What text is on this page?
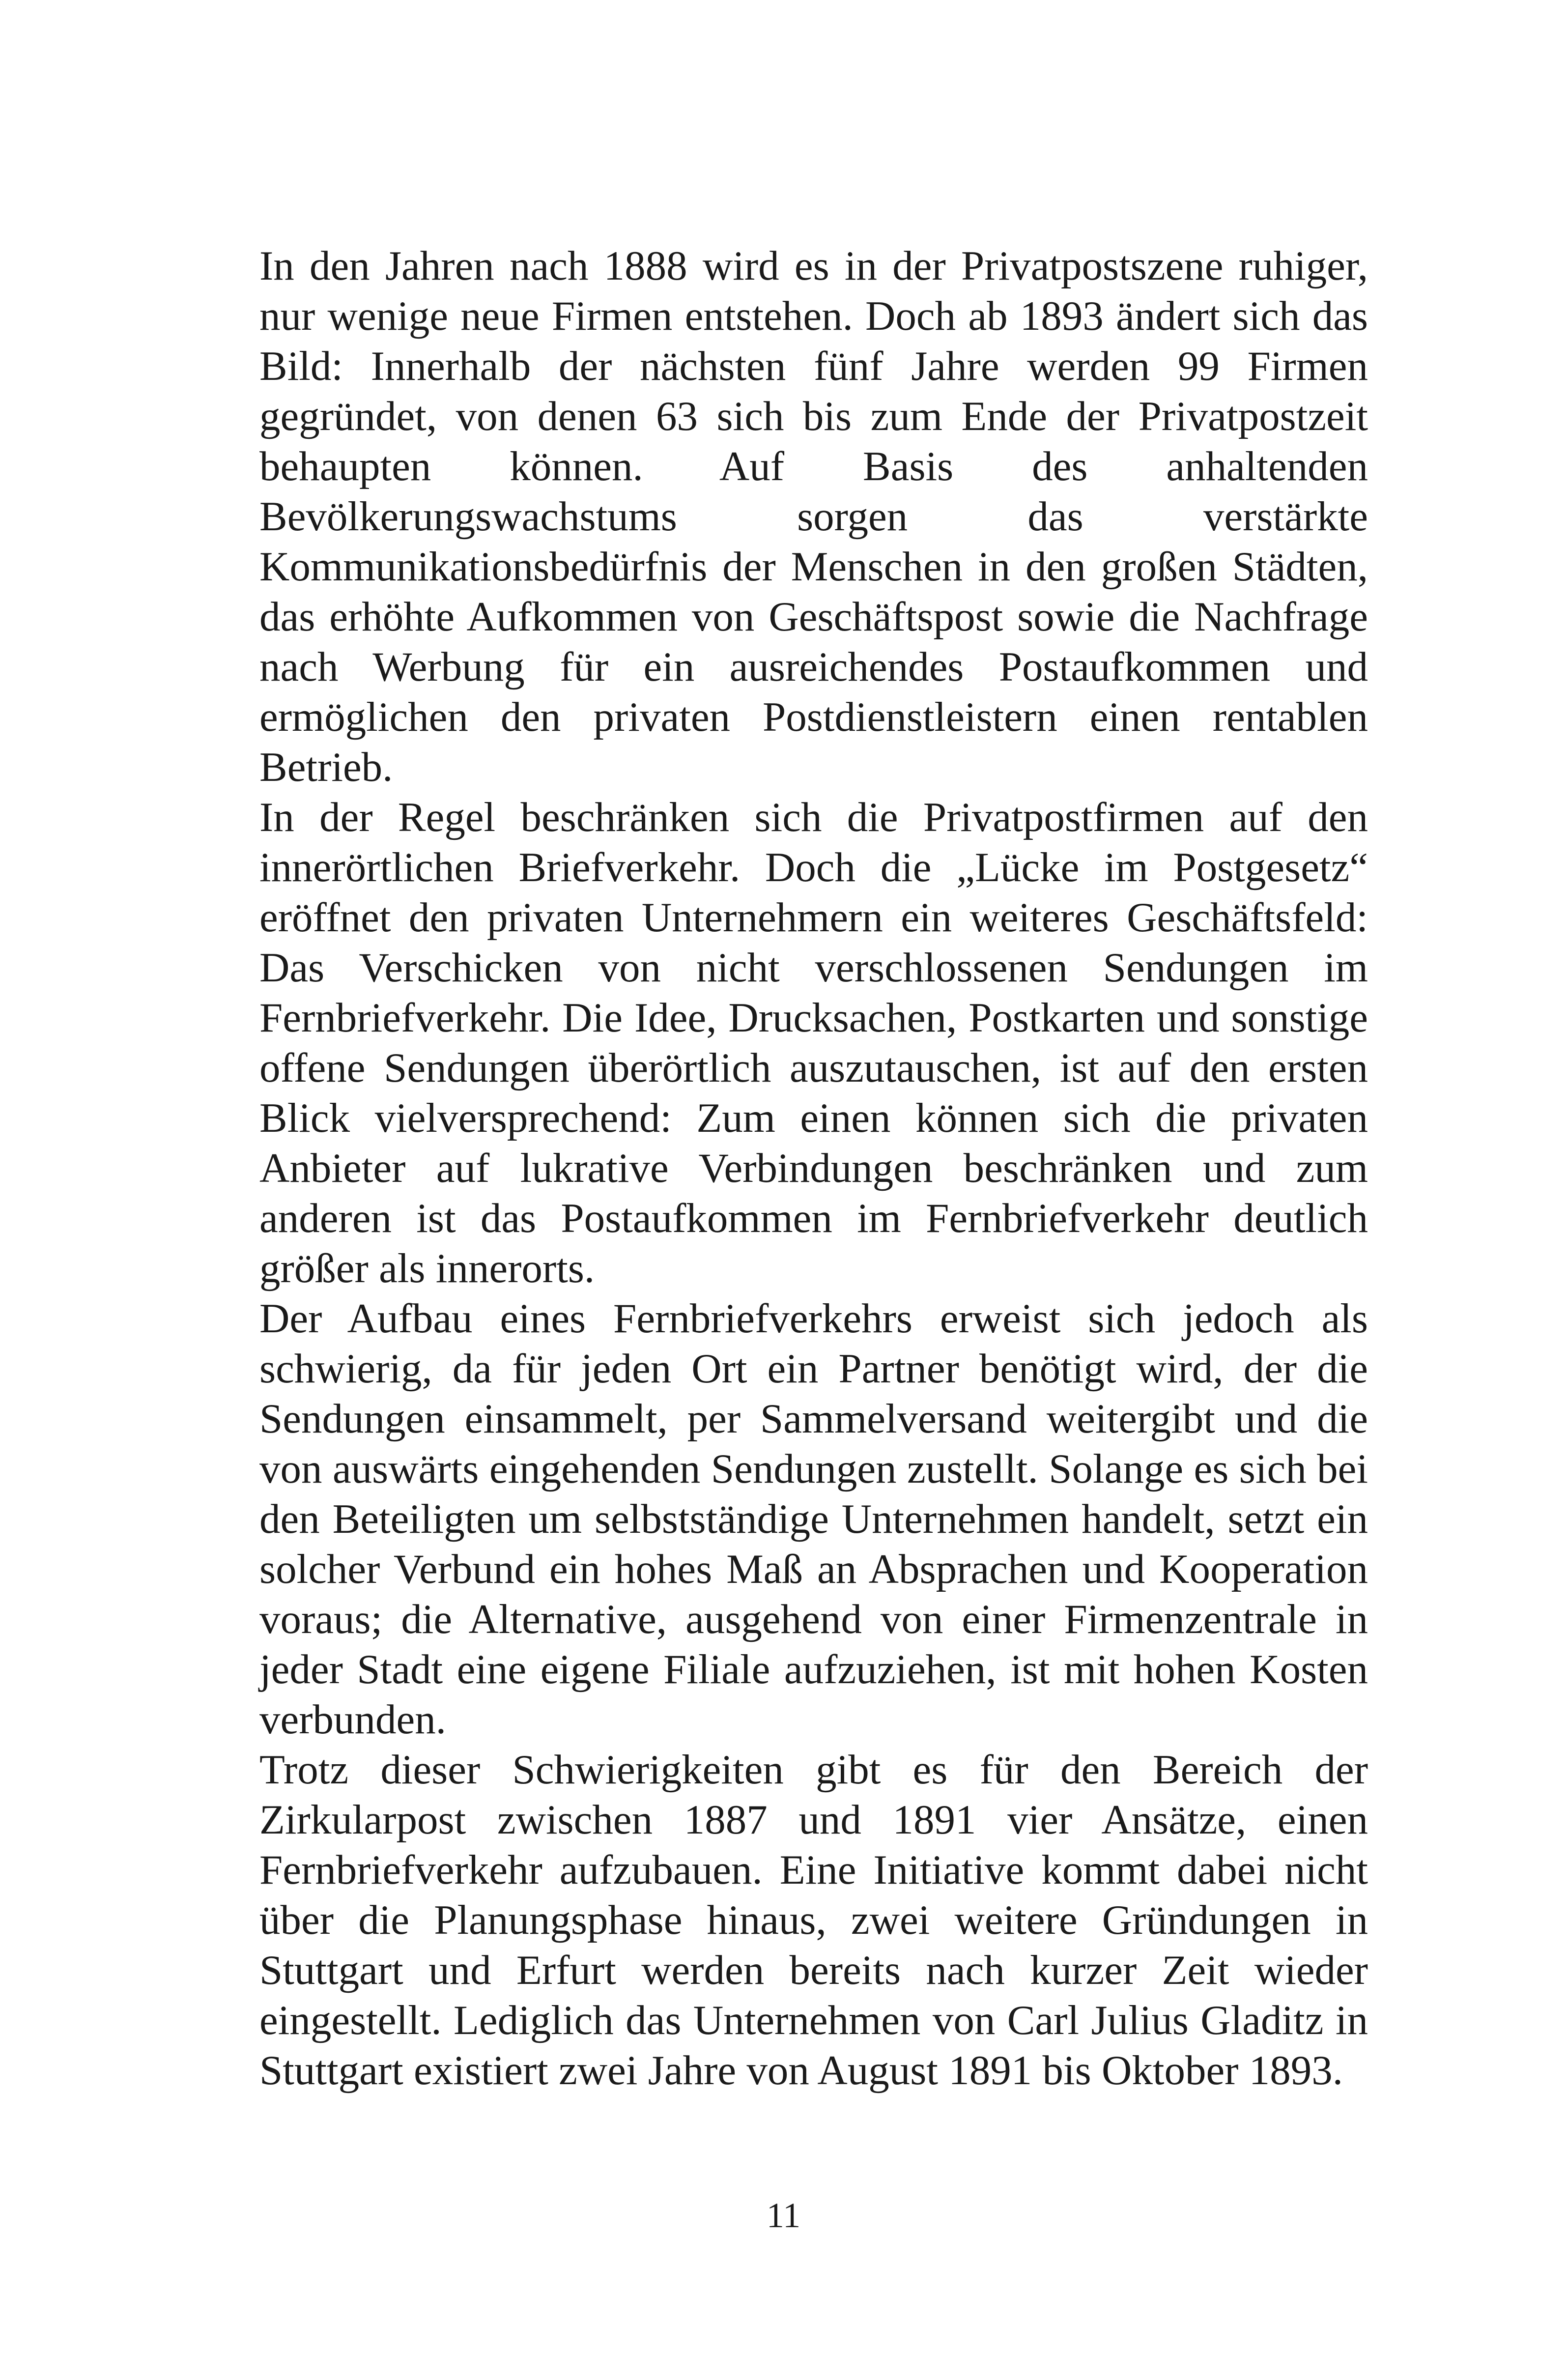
In den Jahren nach 1888 wird es in der Privatpostszene ruhiger, nur wenige neue Firmen entstehen. Doch ab 1893 ändert sich das Bild: Innerhalb der nächsten fünf Jahre werden 99 Firmen gegründet, von denen 63 sich bis zum Ende der Privatpostzeit behaupten können. Auf Basis des anhaltenden Bevölkerungswachstums sorgen das verstärkte Kommunikationsbedürfnis der Menschen in den großen Städten, das erhöhte Aufkommen von Geschäftspost sowie die Nachfrage nach Werbung für ein ausreichendes Postaufkommen und ermöglichen den privaten Postdienstleistern einen rentablen Betrieb.

In der Regel beschränken sich die Privatpostfirmen auf den innerörtlichen Briefverkehr. Doch die „Lücke im Postgesetz“ eröffnet den privaten Unternehmern ein weiteres Geschäftsfeld: Das Verschicken von nicht verschlossenen Sendungen im Fernbriefverkehr. Die Idee, Drucksachen, Postkarten und sonstige offene Sendungen überörtlich auszutauschen, ist auf den ersten Blick vielversprechend: Zum einen können sich die privaten Anbieter auf lukrative Verbindungen beschränken und zum anderen ist das Postaufkommen im Fernbriefverkehr deutlich größer als innerorts.

Der Aufbau eines Fernbriefverkehrs erweist sich jedoch als schwierig, da für jeden Ort ein Partner benötigt wird, der die Sendungen einsammelt, per Sammelversand weitergibt und die von auswärts eingehenden Sendungen zustellt. Solange es sich bei den Beteiligten um selbstständige Unternehmen handelt, setzt ein solcher Verbund ein hohes Maß an Absprachen und Kooperation voraus; die Alternative, ausgehend von einer Firmenzentrale in jeder Stadt eine eigene Filiale aufzuziehen, ist mit hohen Kosten verbunden.

Trotz dieser Schwierigkeiten gibt es für den Bereich der Zirkularpost zwischen 1887 und 1891 vier Ansätze, einen Fernbriefverkehr aufzubauen. Eine Initiative kommt dabei nicht über die Planungsphase hinaus, zwei weitere Gründungen in Stuttgart und Erfurt werden bereits nach kurzer Zeit wieder eingestellt. Lediglich das Unternehmen von Carl Julius Gladitz in Stuttgart existiert zwei Jahre von August 1891 bis Oktober 1893.

11
